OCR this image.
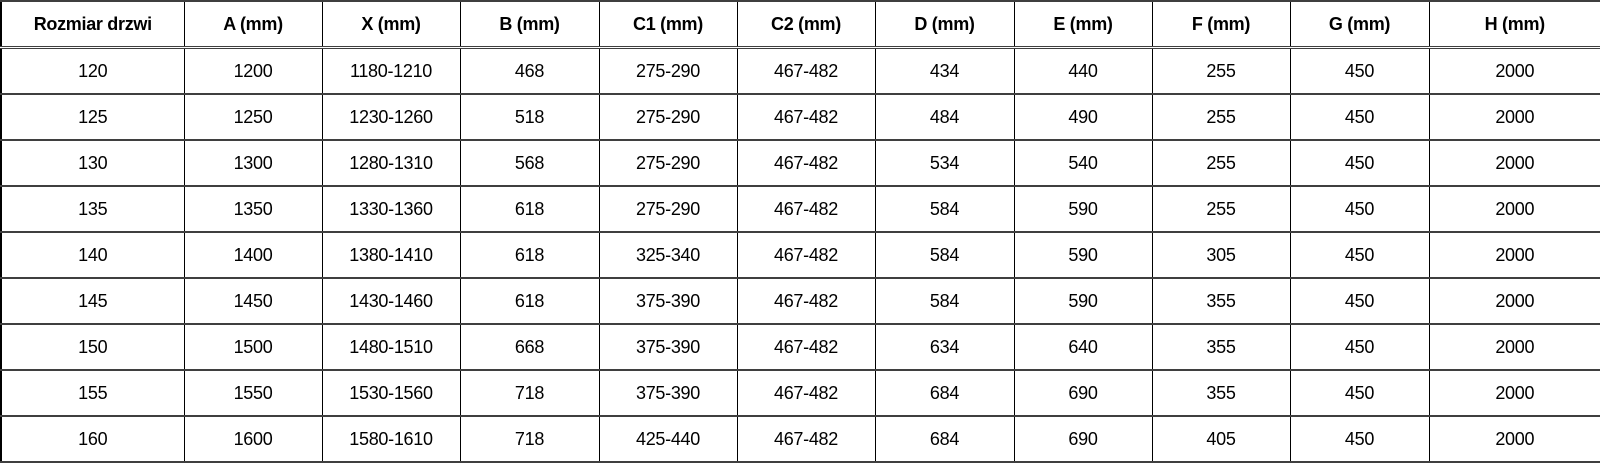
Rozmiar drzwi	A (mm)	X (mm)	B (mm)	C1 (mm)	C2 (mm)	D (mm)	E (mm)	F (mm)	G (mm)	H (mm)
120	1200	1180-1210	468	275-290	467-482	434	440	255	450	2000
125	1250	1230-1260	518	275-290	467-482	484	490	255	450	2000
130	1300	1280-1310	568	275-290	467-482	534	540	255	450	2000
135	1350	1330-1360	618	275-290	467-482	584	590	255	450	2000
140	1400	1380-1410	618	325-340	467-482	584	590	305	450	2000
145	1450	1430-1460	618	375-390	467-482	584	590	355	450	2000
150	1500	1480-1510	668	375-390	467-482	634	640	355	450	2000
155	1550	1530-1560	718	375-390	467-482	684	690	355	450	2000
160	1600	1580-1610	718	425-440	467-482	684	690	405	450	2000
